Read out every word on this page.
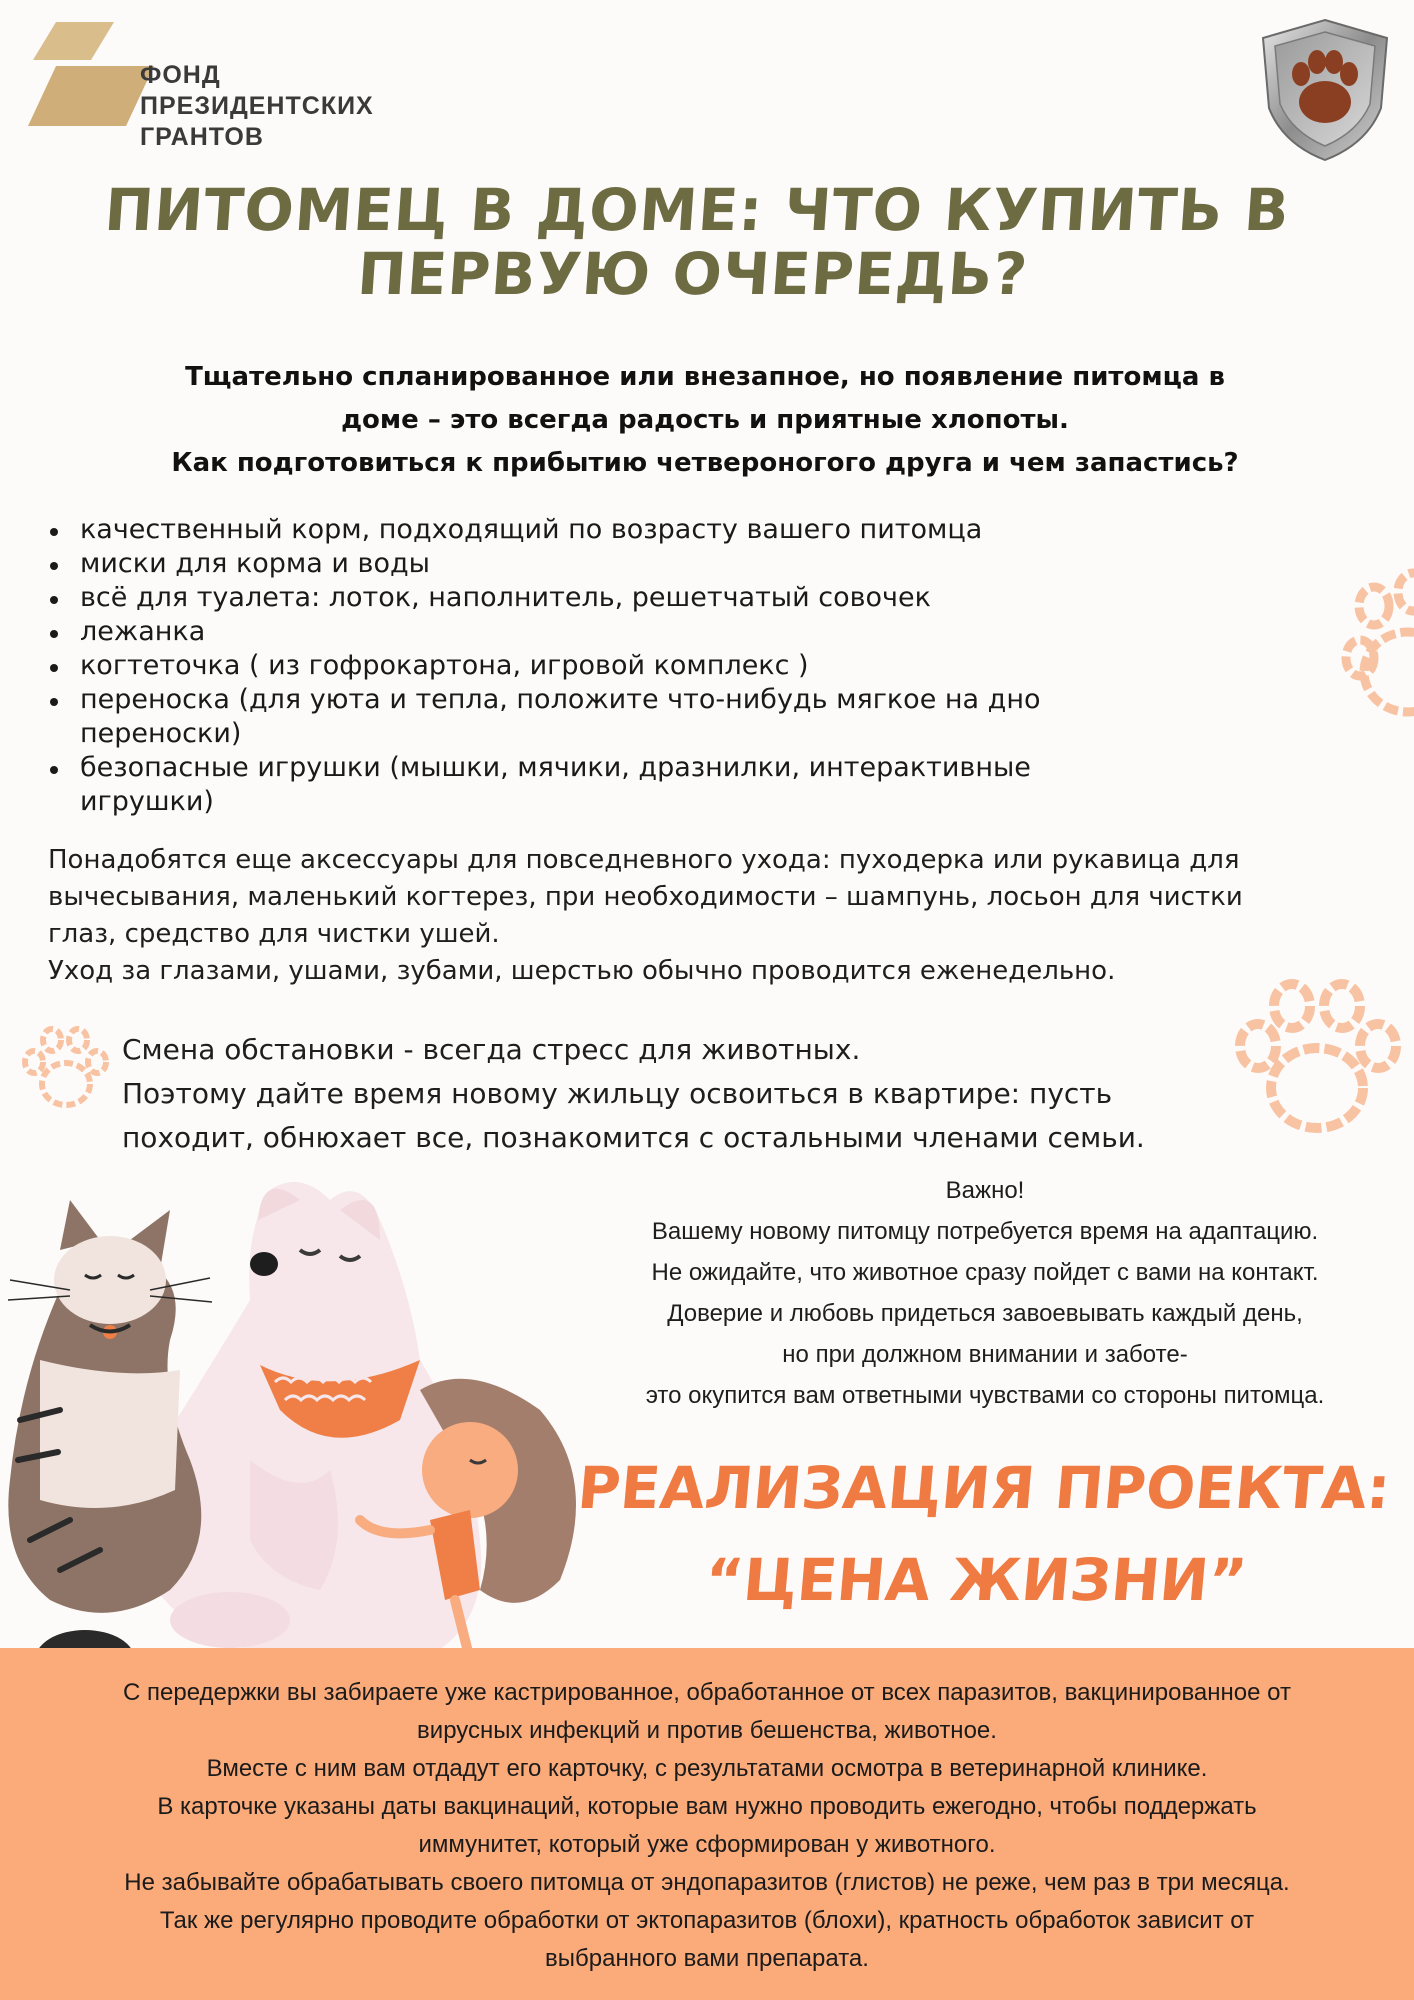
ФОНД
ПРЕЗИДЕНТСКИХ
ГРАНТОВ
ПИТОМЕЦ В ДОМЕ: ЧТО КУПИТЬ В
ПЕРВУЮ ОЧЕРЕДЬ?
Тщательно спланированное или внезапное, но появление питомца в
доме – это всегда радость и приятные хлопоты.
Как подготовиться к прибытию четвероногого друга и чем запастись?
качественный корм, подходящий по возрасту вашего питомца
миски для корма и воды
всё для туалета: лоток, наполнитель, решетчатый совочек
лежанка
когтеточка ( из гофрокартона, игровой комплекс )
переноска (для уюта и тепла, положите что-нибудь мягкое на дно
переноски)
безопасные игрушки (мышки, мячики, дразнилки, интерактивные
игрушки)
Понадобятся еще аксессуары для повседневного ухода: пуходерка или рукавица для
вычесывания, маленький когтерез, при необходимости – шампунь, лосьон для чистки
глаз, средство для чистки ушей.
Уход за глазами, ушами, зубами, шерстью обычно проводится еженедельно.
Смена обстановки - всегда стресс для животных.
Поэтому дайте время новому жильцу освоиться в квартире: пусть
походит, обнюхает все, познакомится с остальными членами семьи.
Важно!
Вашему новому питомцу потребуется время на адаптацию.
Не ожидайте, что животное сразу пойдет с вами на контакт.
Доверие и любовь придеться завоевывать каждый день,
но при должном внимании и заботе-
это окупится вам ответными чувствами со стороны питомца.
РЕАЛИЗАЦИЯ ПРОЕКТА:
“ЦЕНА ЖИЗНИ”
С передержки вы забираете уже кастрированное, обработанное от всех паразитов, вакцинированное от
вирусных инфекций и против бешенства, животное.
Вместе с ним вам отдадут его карточку, с результатами осмотра в ветеринарной клинике.
В карточке указаны даты вакцинаций, которые вам нужно проводить ежегодно, чтобы поддержать
иммунитет, который уже сформирован у животного.
Не забывайте обрабатывать своего питомца от эндопаразитов (глистов) не реже, чем раз в три месяца.
Так же регулярно проводите обработки от эктопаразитов (блохи), кратность обработок зависит от
выбранного вами препарата.
